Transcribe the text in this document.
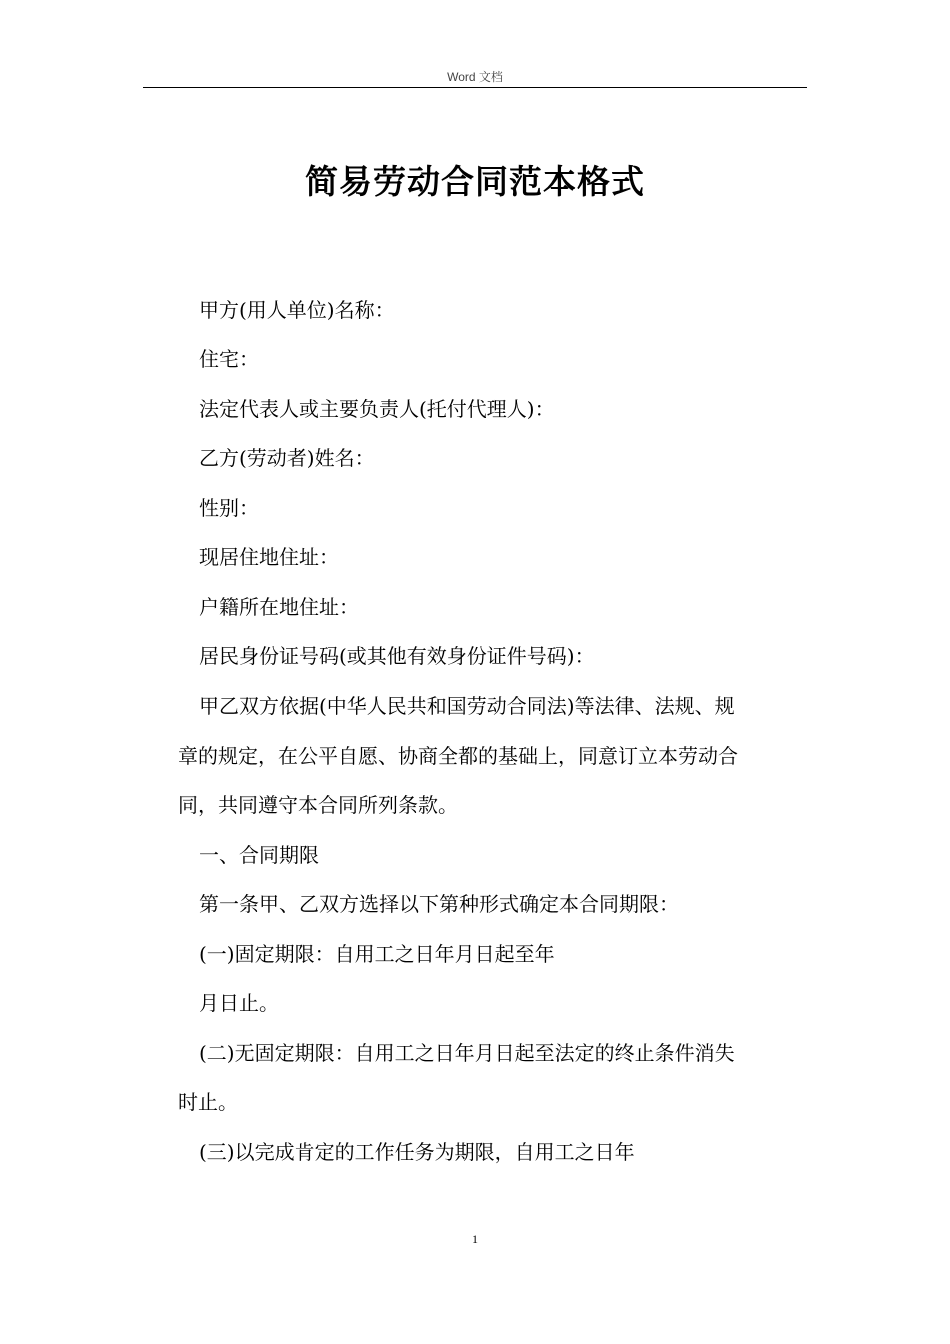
Word 文档
简易劳动合同范本格式
甲方(用人单位)名称：
住宅：
法定代表人或主要负责人(托付代理人)：
乙方(劳动者)姓名：
性别：
现居住地住址：
户籍所在地住址：
居民身份证号码(或其他有效身份证件号码)：
甲乙双方依据(中华人民共和国劳动合同法)等法律、法规、规
章的规定，在公平自愿、协商全都的基础上，同意订立本劳动合
同，共同遵守本合同所列条款。
一、合同期限
第一条甲、乙双方选择以下第种形式确定本合同期限：
(一)固定期限：自用工之日年月日起至年
月日止。
(二)无固定期限：自用工之日年月日起至法定的终止条件消失
时止。
(三)以完成肯定的工作任务为期限，自用工之日年
1
